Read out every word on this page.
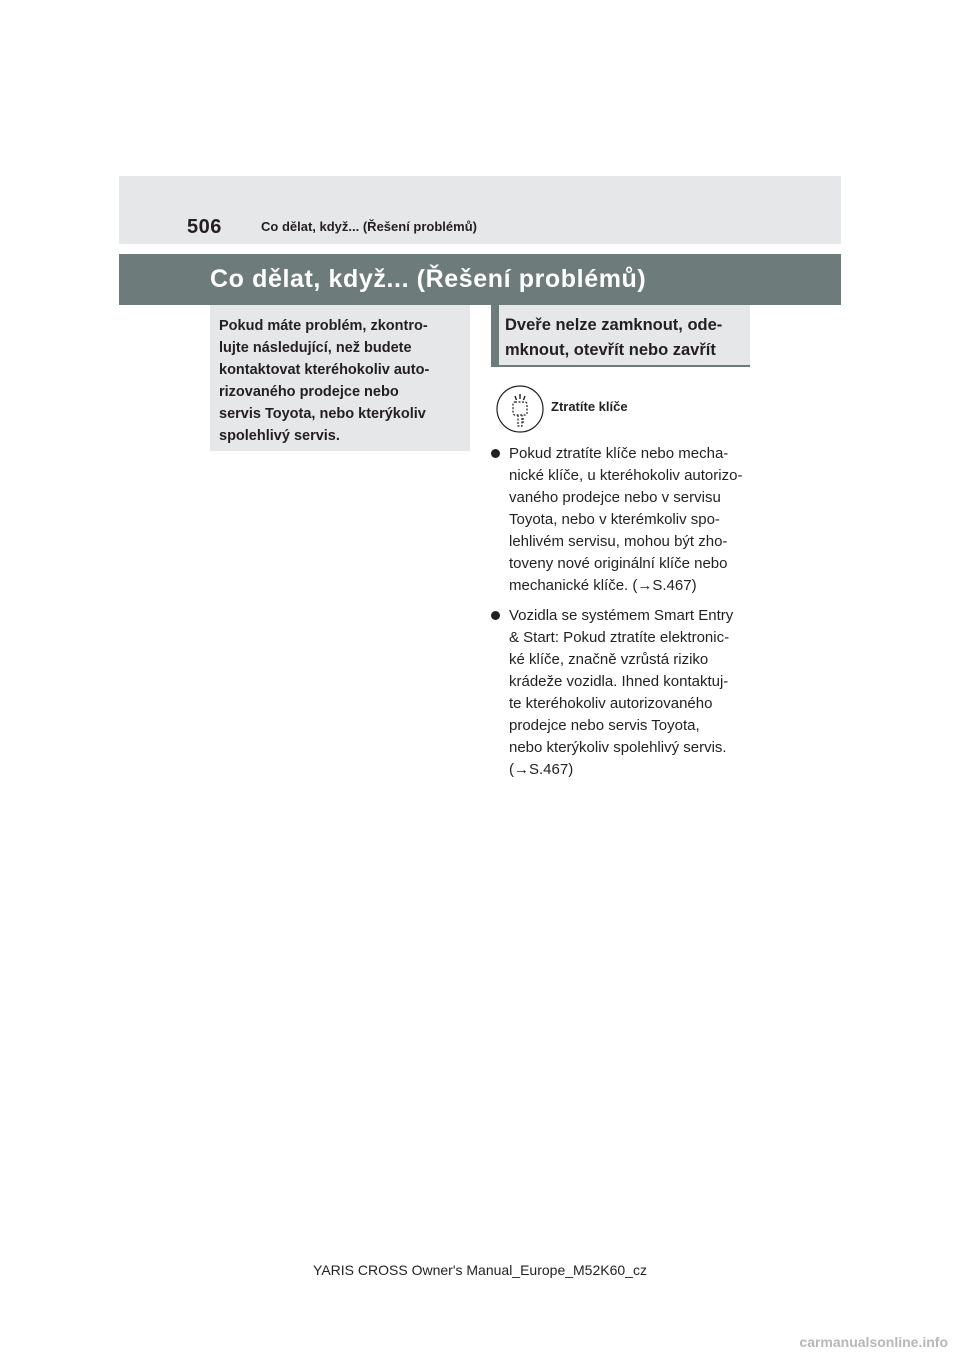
506	Co dělat, když... (Řešení problémů)
Co dělat, když... (Řešení problémů)
Pokud máte problém, zkontro-
lujte následující, než budete
kontaktovat kteréhokoliv auto-
rizovaného prodejce nebo
servis Toyota, nebo kterýkoliv
spolehlivý servis.
Dveře nelze zamknout, ode-
mknout, otevřít nebo zavřít
Ztratíte klíče
Pokud ztratíte klíče nebo mecha-
nické klíče, u kteréhokoliv autorizo-
vaného prodejce nebo v servisu
Toyota, nebo v kterémkoliv spo-
lehlivém servisu, mohou být zho-
toveny nové originální klíče nebo
mechanické klíče. (→S.467)
Vozidla se systémem Smart Entry
& Start: Pokud ztratíte elektronic-
ké klíče, značně vzrůstá riziko
krádeže vozidla. Ihned kontaktuj-
te kteréhokoliv autorizovaného
prodejce nebo servis Toyota,
nebo kterýkoliv spolehlivý servis.
(→S.467)
YARIS CROSS Owner's Manual_Europe_M52K60_cz
carmanualsonline.info
